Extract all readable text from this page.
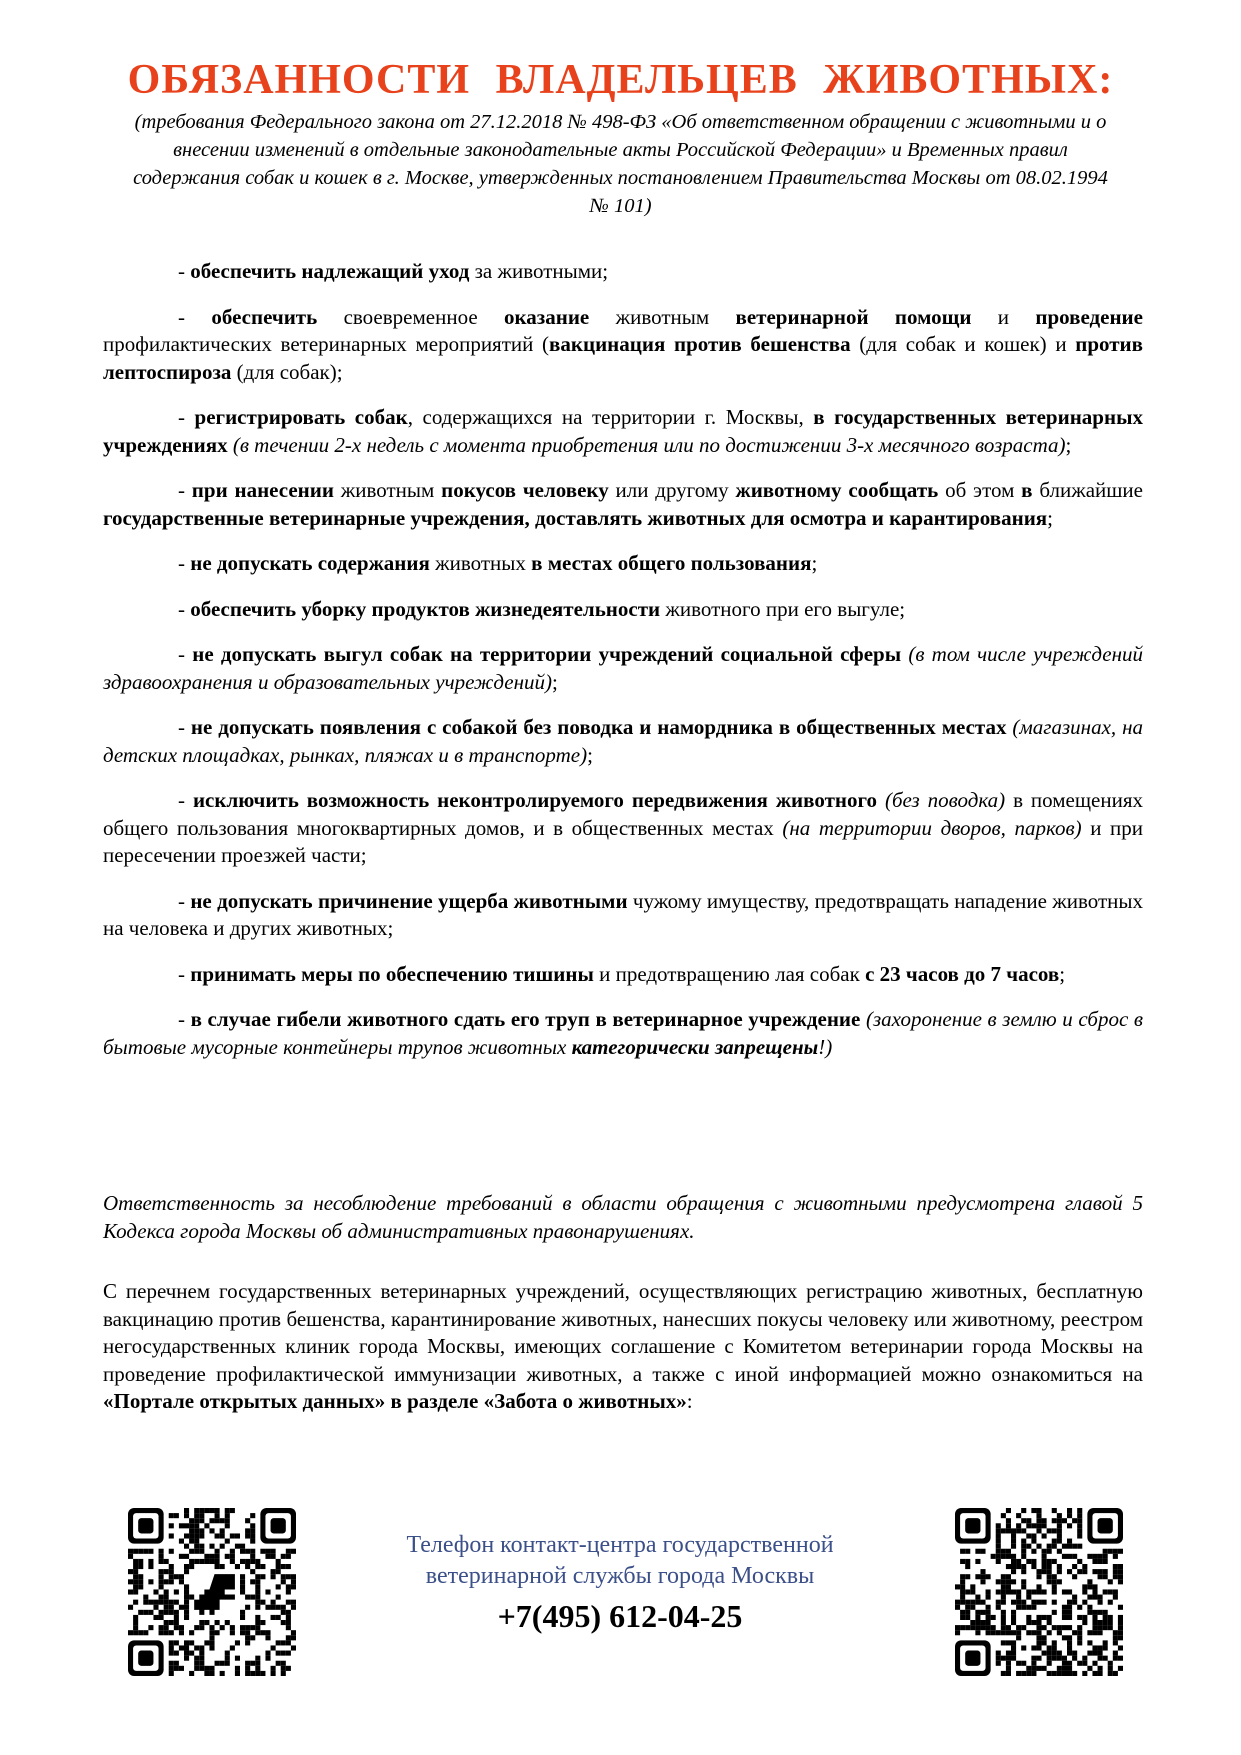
ОБЯЗАННОСТИ ВЛАДЕЛЬЦЕВ ЖИВОТНЫХ:

(требования Федерального закона от 27.12.2018 № 498-ФЗ «Об ответственном обращении с животными и о внесении изменений в отдельные законодательные акты Российской Федерации» и Временных правил содержания собак и кошек в г. Москве, утвержденных постановлением Правительства Москвы от 08.02.1994 № 101)

- обеспечить надлежащий уход за животными;
- обеспечить своевременное оказание животным ветеринарной помощи и проведение профилактических ветеринарных мероприятий (вакцинация против бешенства (для собак и кошек) и против лептоспироза (для собак);
- регистрировать собак, содержащихся на территории г. Москвы, в государственных ветеринарных учреждениях (в течении 2-х недель с момента приобретения или по достижении 3-х месячного возраста);
- при нанесении животным покусов человеку или другому животному сообщать об этом в ближайшие государственные ветеринарные учреждения, доставлять животных для осмотра и карантирования;
- не допускать содержания животных в местах общего пользования;
- обеспечить уборку продуктов жизнедеятельности животного при его выгуле;
- не допускать выгул собак на территории учреждений социальной сферы (в том числе учреждений здравоохранения и образовательных учреждений);
- не допускать появления с собакой без поводка и намордника в общественных местах (магазинах, на детских площадках, рынках, пляжах и в транспорте);
- исключить возможность неконтролируемого передвижения животного (без поводка) в помещениях общего пользования многоквартирных домов, и в общественных местах (на территории дворов, парков) и при пересечении проезжей части;
- не допускать причинение ущерба животными чужому имуществу, предотвращать нападение животных на человека и других животных;
- принимать меры по обеспечению тишины и предотвращению лая собак с 23 часов до 7 часов;
- в случае гибели животного сдать его труп в ветеринарное учреждение (захоронение в землю и сброс в бытовые мусорные контейнеры трупов животных категорически запрещены!)

Ответственность за несоблюдение требований в области обращения с животными предусмотрена главой 5 Кодекса города Москвы об административных правонарушениях.

С перечнем государственных ветеринарных учреждений, осуществляющих регистрацию животных, бесплатную вакцинацию против бешенства, карантинирование животных, нанесших покусы человеку или животному, реестром негосударственных клиник города Москвы, имеющих соглашение с Комитетом ветеринарии города Москвы на проведение профилактической иммунизации животных, а также с иной информацией можно ознакомиться на «Портале открытых данных» в разделе «Забота о животных»:

Телефон контакт-центра государственной ветеринарной службы города Москвы

+7(495) 612-04-25
